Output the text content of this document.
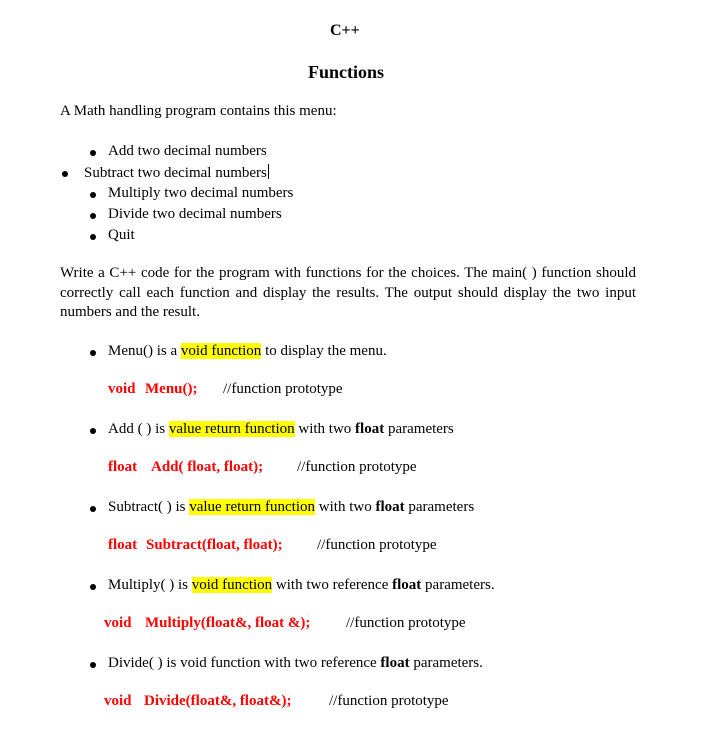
C++
Functions
A Math handling program contains this menu:
Add two decimal numbers
Subtract two decimal numbers
Multiply two decimal numbers
Divide two decimal numbers
Quit
Write a C++ code for the program with functions for the choices. The main( ) function should correctly call each function and display the results. The output should display the two input numbers and the result.
Menu() is a void function to display the menu.
void Menu(); //function prototype
Add ( ) is value return function with two float parameters
float Add( float, float); //function prototype
Subtract( ) is value return function with two float parameters
float Subtract(float, float); //function prototype
Multiply( ) is void function with two reference float parameters.
void Multiply(float&, float &); //function prototype
Divide( ) is void function with two reference float parameters.
void Divide(float&, float&);	//function prototype
